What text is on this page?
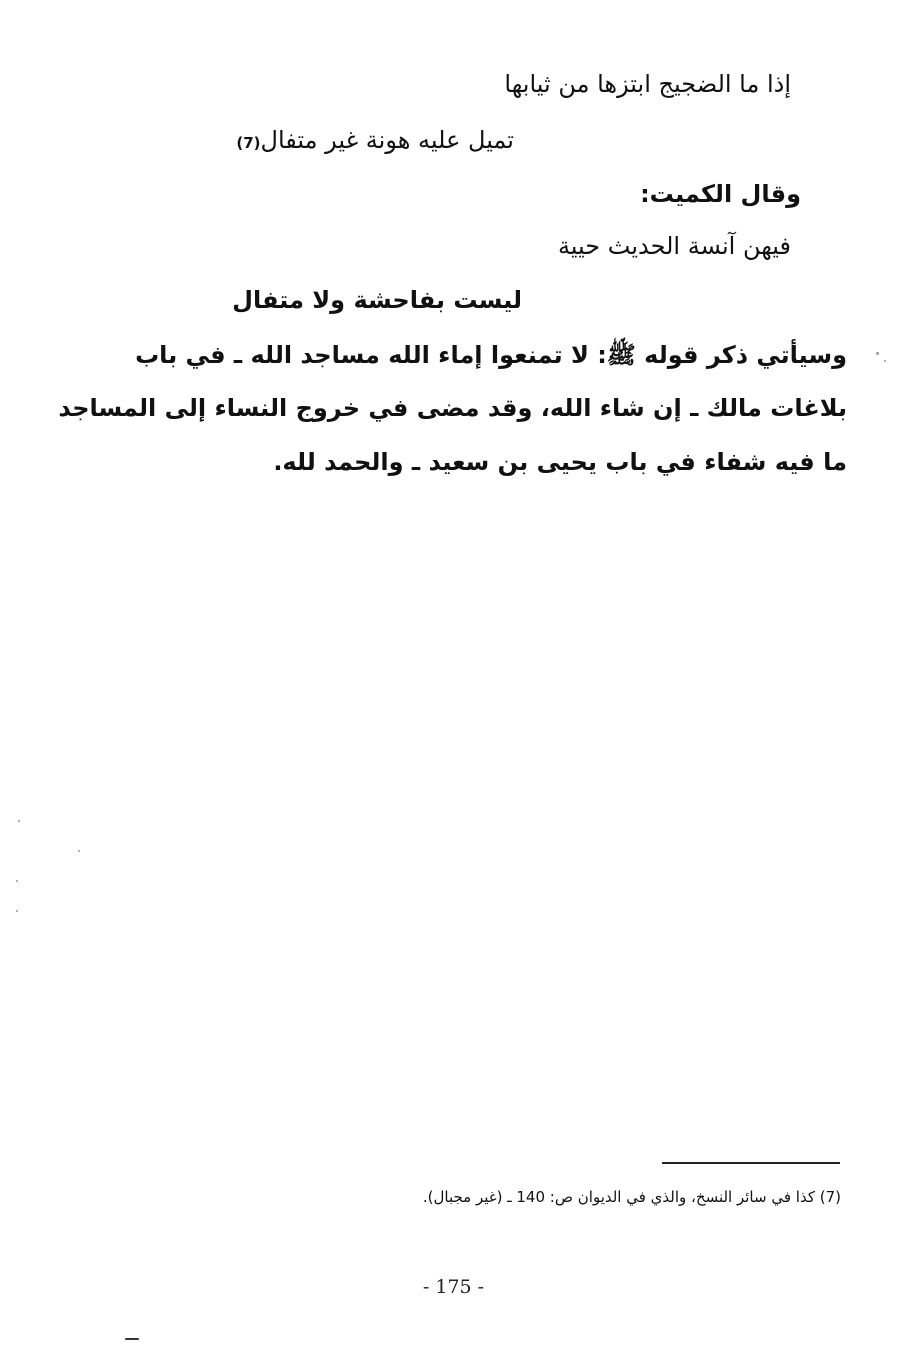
إذا ما الضجيج ابتزها من ثيابها
تميل عليه هونة غير متفال(7)
وقال الكميت:
فيهن آنسة الحديث حيية
ليست بفاحشة ولا متفال
وسيأتي ذكر قوله ﷺ: لا تمنعوا إماء الله مساجد الله ـ في باب
بلاغات مالك ـ إن شاء الله، وقد مضى في خروج النساء إلى المساجد
ما فيه شفاء في باب يحيى بن سعيد ـ والحمد لله.
(7) كذا في سائر النسخ، والذي في الديوان ص: 140 ـ (غير مجبال).
- 175 -
